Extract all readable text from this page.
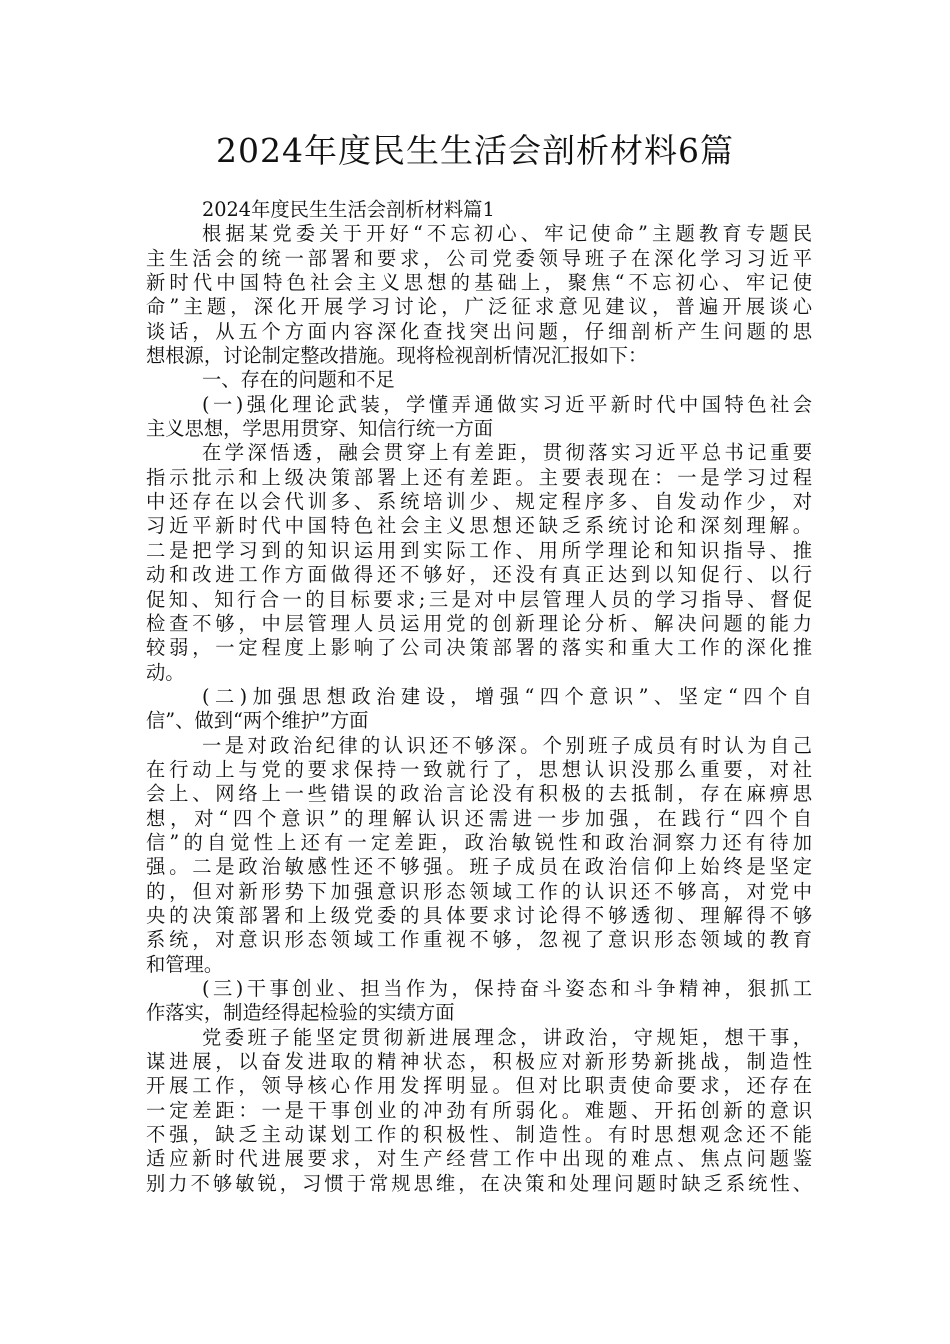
2024年度民生生活会剖析材料6篇
2024年度民生生活会剖析材料篇1
根据某党委关于开好“不忘初心、牢记使命”主题教育专题民
主生活会的统一部署和要求，公司党委领导班子在深化学习习近平
新时代中国特色社会主义思想的基础上，聚焦“不忘初心、牢记使
命”主题，深化开展学习讨论，广泛征求意见建议，普遍开展谈心
谈话，从五个方面内容深化查找突出问题，仔细剖析产生问题的思
想根源，讨论制定整改措施。现将检视剖析情况汇报如下：
一、存在的问题和不足
(一)强化理论武装，学懂弄通做实习近平新时代中国特色社会
主义思想，学思用贯穿、知信行统一方面
在学深悟透，融会贯穿上有差距，贯彻落实习近平总书记重要
指示批示和上级决策部署上还有差距。主要表现在：一是学习过程
中还存在以会代训多、系统培训少、规定程序多、自发动作少，对
习近平新时代中国特色社会主义思想还缺乏系统讨论和深刻理解。
二是把学习到的知识运用到实际工作、用所学理论和知识指导、推
动和改进工作方面做得还不够好，还没有真正达到以知促行、以行
促知、知行合一的目标要求;三是对中层管理人员的学习指导、督促
检查不够，中层管理人员运用党的创新理论分析、解决问题的能力
较弱，一定程度上影响了公司决策部署的落实和重大工作的深化推
动。
(二)加强思想政治建设，增强“四个意识”、坚定“四个自
信”、做到“两个维护”方面
一是对政治纪律的认识还不够深。个别班子成员有时认为自己
在行动上与党的要求保持一致就行了，思想认识没那么重要，对社
会上、网络上一些错误的政治言论没有积极的去抵制，存在麻痹思
想，对“四个意识”的理解认识还需进一步加强，在践行“四个自
信”的自觉性上还有一定差距，政治敏锐性和政治洞察力还有待加
强。二是政治敏感性还不够强。班子成员在政治信仰上始终是坚定
的，但对新形势下加强意识形态领域工作的认识还不够高，对党中
央的决策部署和上级党委的具体要求讨论得不够透彻、理解得不够
系统，对意识形态领域工作重视不够，忽视了意识形态领域的教育
和管理。
(三)干事创业、担当作为，保持奋斗姿态和斗争精神，狠抓工
作落实，制造经得起检验的实绩方面
党委班子能坚定贯彻新进展理念，讲政治，守规矩，想干事，
谋进展，以奋发进取的精神状态，积极应对新形势新挑战，制造性
开展工作，领导核心作用发挥明显。但对比职责使命要求，还存在
一定差距：一是干事创业的冲劲有所弱化。难题、开拓创新的意识
不强，缺乏主动谋划工作的积极性、制造性。有时思想观念还不能
适应新时代进展要求，对生产经营工作中出现的难点、焦点问题鉴
别力不够敏锐，习惯于常规思维，在决策和处理问题时缺乏系统性、
